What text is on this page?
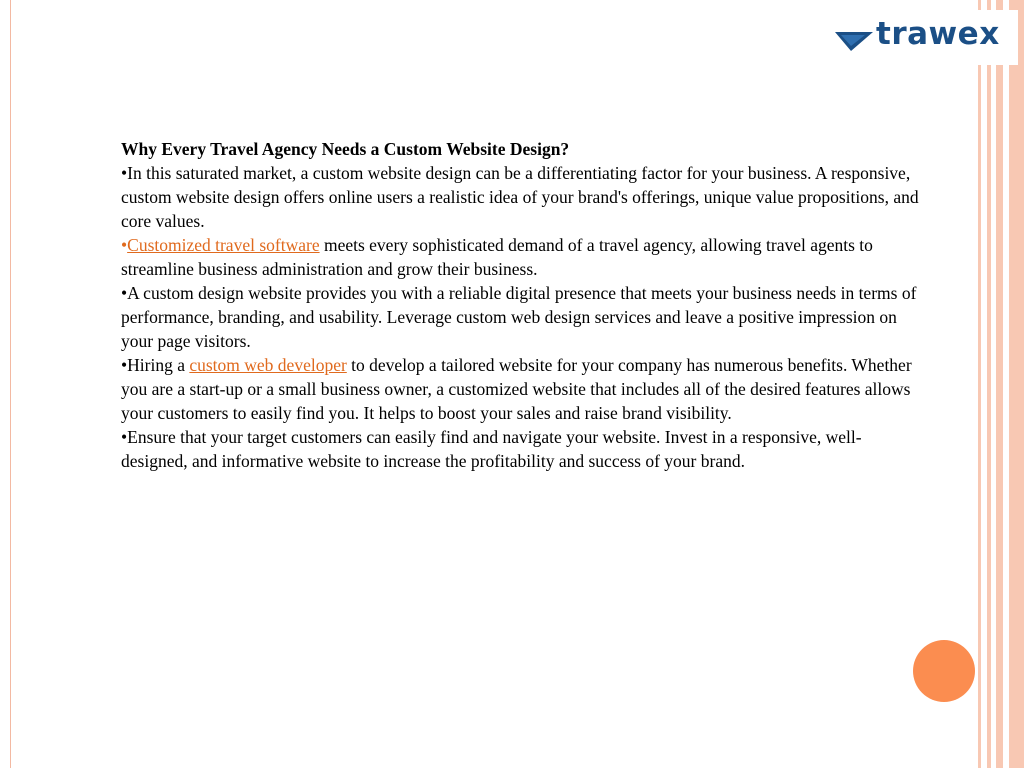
trawex
Why Every Travel Agency Needs a Custom Website Design?

•In this saturated market, a custom website design can be a differentiating factor for your business. A responsive, custom website design offers online users a realistic idea of your brand's offerings, unique value propositions, and core values.

•Customized travel software meets every sophisticated demand of a travel agency, allowing travel agents to streamline business administration and grow their business.

•A custom design website provides you with a reliable digital presence that meets your business needs in terms of performance, branding, and usability. Leverage custom web design services and leave a positive impression on your page visitors.

•Hiring a custom web developer to develop a tailored website for your company has numerous benefits. Whether you are a start-up or a small business owner, a customized website that includes all of the desired features allows your customers to easily find you. It helps to boost your sales and raise brand visibility.

•Ensure that your target customers can easily find and navigate your website. Invest in a responsive, well-designed, and informative website to increase the profitability and success of your brand.
